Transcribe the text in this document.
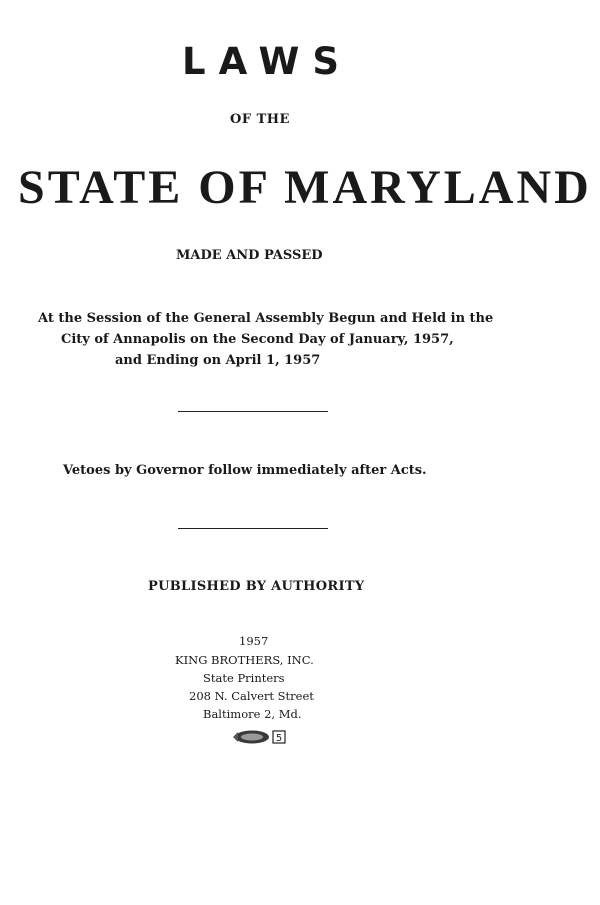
LAWS
OF THE
STATE OF MARYLAND
MADE AND PASSED
At the Session of the General Assembly Begun and Held in the
City of Annapolis on the Second Day of January, 1957,
and Ending on April 1, 1957
Vetoes by Governor follow immediately after Acts.
PUBLISHED BY AUTHORITY
1957
KING BROTHERS, INC.
State Printers
208 N. Calvert Street
Baltimore 2, Md.
5
